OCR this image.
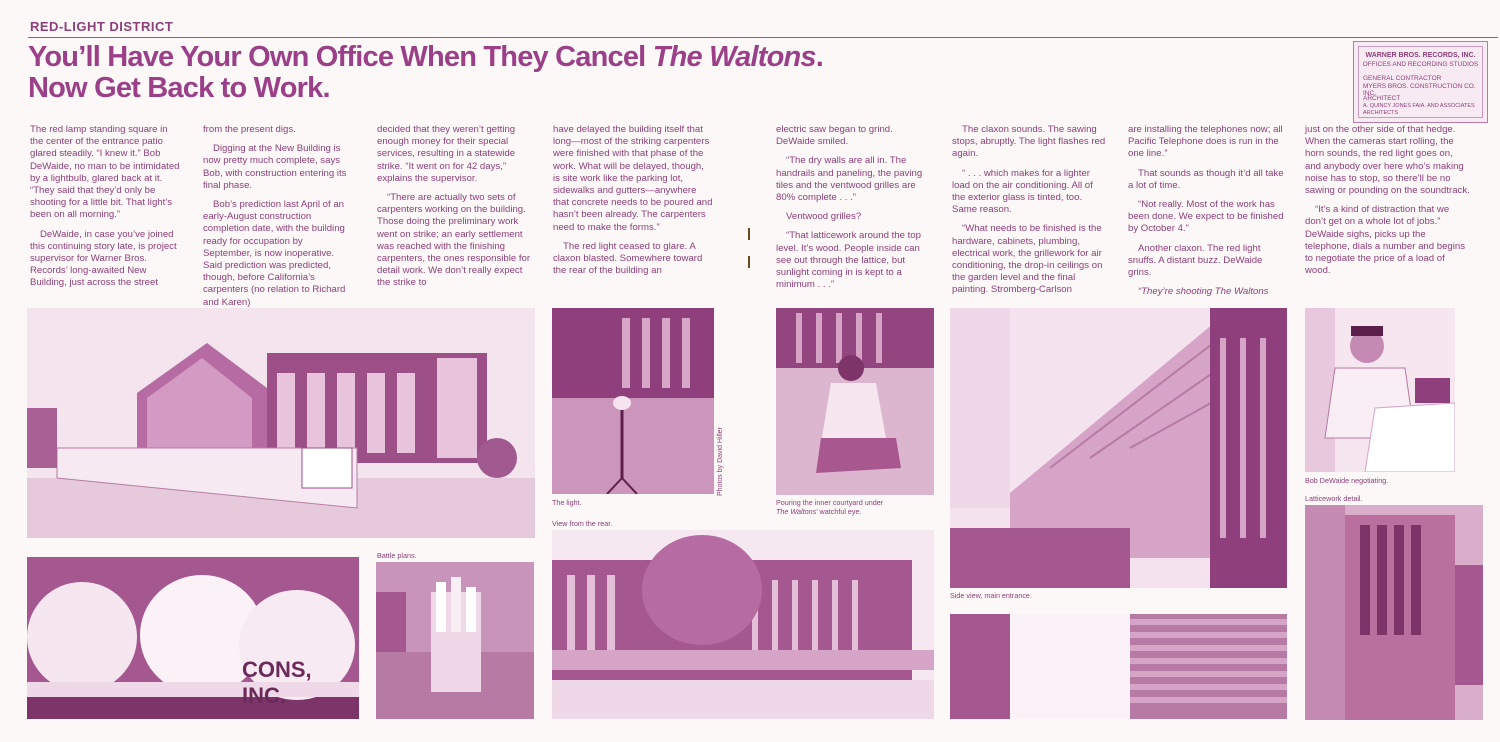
RED-LIGHT DISTRICT
You’ll Have Your Own Office When They Cancel The Waltons.
Now Get Back to Work.
WARNER BROS. RECORDS, INC.
OFFICES AND RECORDING STUDIOS
GENERAL CONTRACTOR
MYERS BROS. CONSTRUCTION CO. INC.
ARCHITECT
A. QUINCY JONES FAIA. AND ASSOCIATES ARCHITECTS

The red lamp standing square in the center of the entrance patio glared steadily. “I knew it.” Bob DeWaide, no man to be intimidated by a lightbulb, glared back at it. “They said that they’d only be shooting for a little bit. That light’s been on all morning.”

DeWaide, in case you’ve joined this continuing story late, is project supervisor for Warner Bros. Records’ long-awaited New Building, just across the street

from the present digs.

Digging at the New Building is now pretty much complete, says Bob, with construction entering its final phase.

Bob’s prediction last April of an early-August construction completion date, with the building ready for occupation by September, is now inoperative. Said prediction was predicted, though, before California’s carpenters (no relation to Richard and Karen)

decided that they weren’t getting enough money for their special services, resulting in a statewide strike. “It went on for 42 days,” explains the supervisor.

“There are actually two sets of carpenters working on the building. Those doing the preliminary work went on strike; an early settlement was reached with the finishing carpenters, the ones responsible for detail work. We don’t really expect the strike to

have delayed the building itself that long—most of the striking carpenters were finished with that phase of the work. What will be delayed, though, is site work like the parking lot, sidewalks and gutters—anywhere that concrete needs to be poured and hasn’t been already. The carpenters need to make the forms.”

The red light ceased to glare. A claxon blasted. Somewhere toward the rear of the building an

electric saw began to grind. DeWaide smiled.

“The dry walls are all in. The handrails and paneling, the paving tiles and the ventwood grilles are 80% complete . . .”

Ventwood grilles?

“That latticework around the top level. It’s wood. People inside can see out through the lattice, but sunlight coming in is kept to a minimum . . .”

The claxon sounds. The sawing stops, abruptly. The light flashes red again.

“ . . . which makes for a lighter load on the air conditioning. All of the exterior glass is tinted, too. Same reason.

“What needs to be finished is the hardware, cabinets, plumbing, electrical work, the grillework for air conditioning, the drop-in ceilings on the garden level and the final painting. Stromberg-Carlson

are installing the telephones now; all Pacific Telephone does is run in the one line.”

That sounds as though it’d all take a lot of time.

“Not really. Most of the work has been done. We expect to be finished by October 4.”

Another claxon. The red light snuffs. A distant buzz. DeWaide grins.

“They’re shooting The Waltons

just on the other side of that hedge. When the cameras start rolling, the horn sounds, the red light goes on, and anybody over here who’s making noise has to stop, so there’ll be no sawing or pounding on the soundtrack.

“It’s a kind of distraction that we don’t get on a whole lot of jobs.” DeWaide sighs, picks up the telephone, dials a number and begins to negotiate the price of a load of wood.

The light.
Photos by David Hiller
Pouring the inner courtyard under
The Waltons’ watchful eye.
Side view, main entrance.
Bob DeWaide negotiating.
Latticework detail.
CONS, INC.
Battle plans.
View from the rear.
